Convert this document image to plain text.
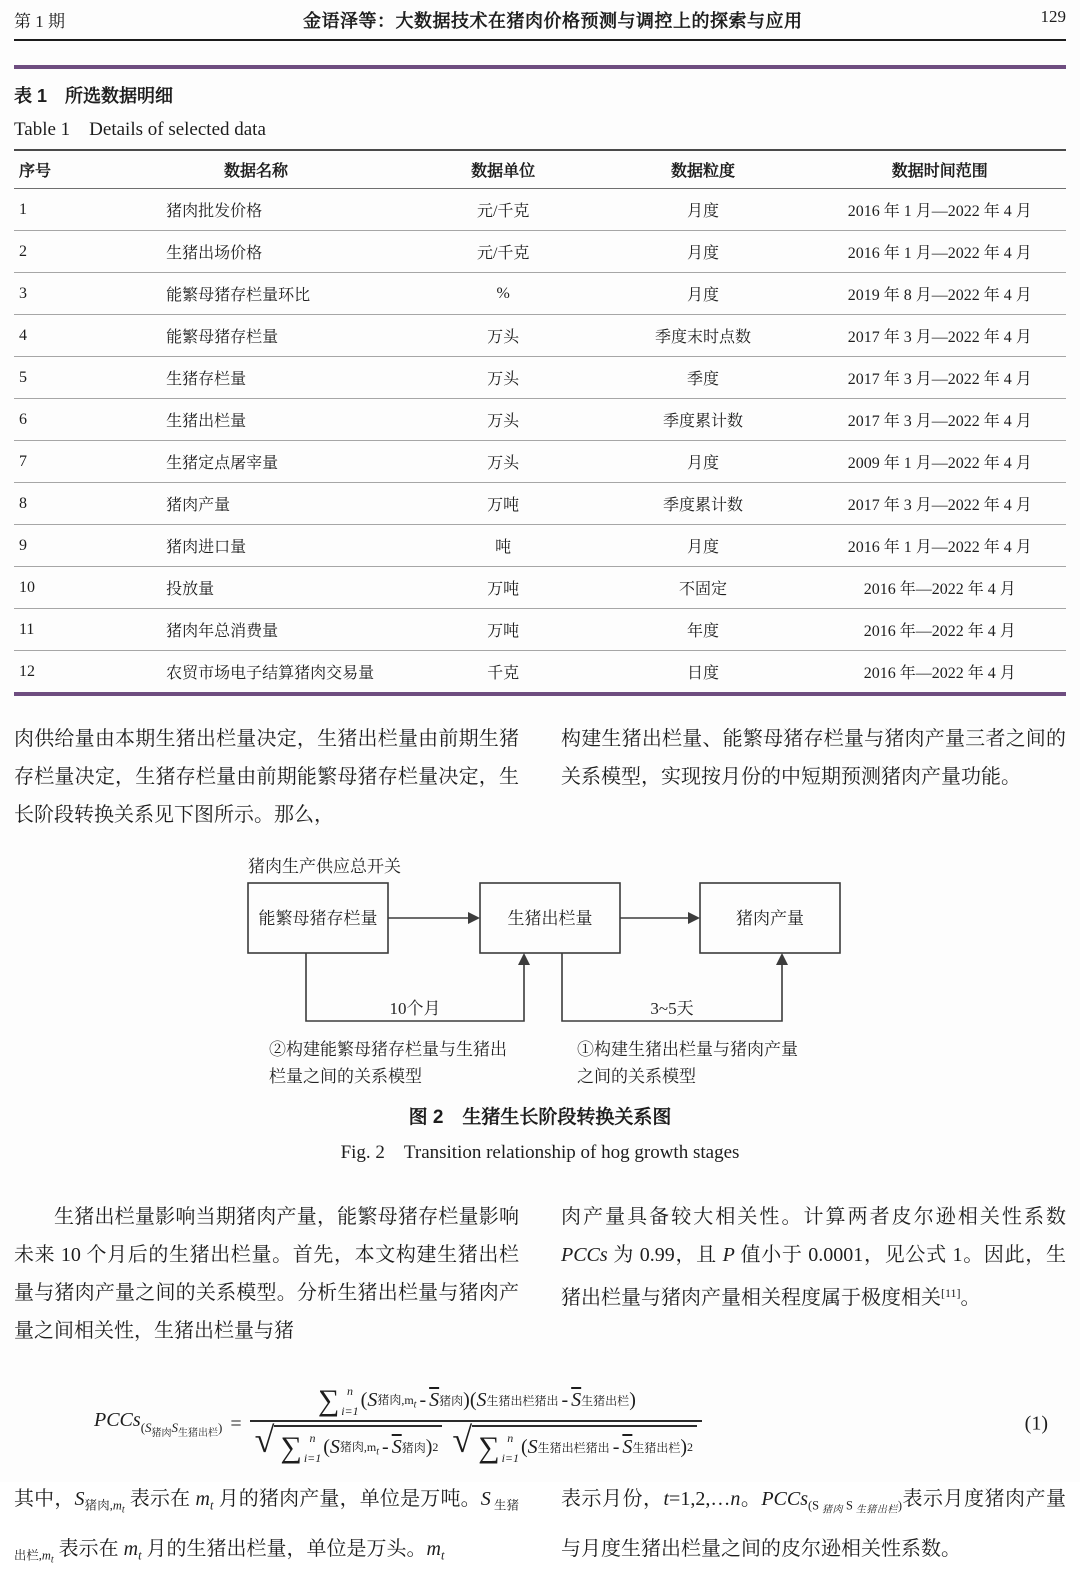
第 1 期	金语泽等：大数据技术在猪肉价格预测与调控上的探索与应用	129
表 1　所选数据明细
Table 1　Details of selected data
序号	数据名称	数据单位	数据粒度	数据时间范围
1	猪肉批发价格	元/千克	月度	2016 年 1 月—2022 年 4 月
2	生猪出场价格	元/千克	月度	2016 年 1 月—2022 年 4 月
3	能繁母猪存栏量环比	%	月度	2019 年 8 月—2022 年 4 月
4	能繁母猪存栏量	万头	季度末时点数	2017 年 3 月—2022 年 4 月
5	生猪存栏量	万头	季度	2017 年 3 月—2022 年 4 月
6	生猪出栏量	万头	季度累计数	2017 年 3 月—2022 年 4 月
7	生猪定点屠宰量	万头	月度	2009 年 1 月—2022 年 4 月
8	猪肉产量	万吨	季度累计数	2017 年 3 月—2022 年 4 月
9	猪肉进口量	吨	月度	2016 年 1 月—2022 年 4 月
10	投放量	万吨	不固定	2016 年—2022 年 4 月
11	猪肉年总消费量	万吨	年度	2016 年—2022 年 4 月
12	农贸市场电子结算猪肉交易量	千克	日度	2016 年—2022 年 4 月
肉供给量由本期生猪出栏量决定，生猪出栏量由前期生猪存栏量决定，生猪存栏量由前期能繁母猪存栏量决定，生长阶段转换关系见下图所示。那么，
构建生猪出栏量、能繁母猪存栏量与猪肉产量三者之间的关系模型，实现按月份的中短期预测猪肉产量功能。
猪肉生产供应总开关
能繁母猪存栏量	生猪出栏量	猪肉产量
10个月	3~5天
②构建能繁母猪存栏量与生猪出
栏量之间的关系模型
①构建生猪出栏量与猪肉产量
之间的关系模型
图 2　生猪生长阶段转换关系图
Fig. 2　Transition relationship of hog growth stages
生猪出栏量影响当期猪肉产量，能繁母猪存栏量影响未来 10 个月后的生猪出栏量。首先，本文构建生猪出栏量与猪肉产量之间的关系模型。分析生猪出栏量与猪肉产量之间相关性，生猪出栏量与猪
肉产量具备较大相关性。计算两者皮尔逊相关性系数 PCCs 为 0.99，且 P 值小于 0.0001，见公式 1。因此，生猪出栏量与猪肉产量相关程度属于极度相关[11]。
PCCs$_{(S_{猪肉}S_{生猪出栏})}$ =
∑ n
i=1 ( S 猪肉$,m_t - \overline{S}$ 猪肉 ) ( S 生猪出栏猪出 - $\overline{S}$ 生猪出栏 )
√ ∑ n
i=1 ( S 猪肉$,m_t - \overline{S}$ 猪肉 ) 2 √ ∑ n
i=1 ( S 生猪出栏猪出 - $\overline{S}$ 生猪出栏 ) 2
(1)
其中，$S_{猪肉,mt}$ 表示在 $m_t$ 月的猪肉产量，单位是万吨。S $_{生猪出栏,mt}$ 表示在 $m_t$ 月的生猪出栏量，单位是万头。$m_t$
表示月份，t=1,2,…n。PCCs$_{(S}$ $_{猪肉}$ $_S$ $_{生猪出栏)}$表示月度猪肉产量与月度生猪出栏量之间的皮尔逊相关性系数。
